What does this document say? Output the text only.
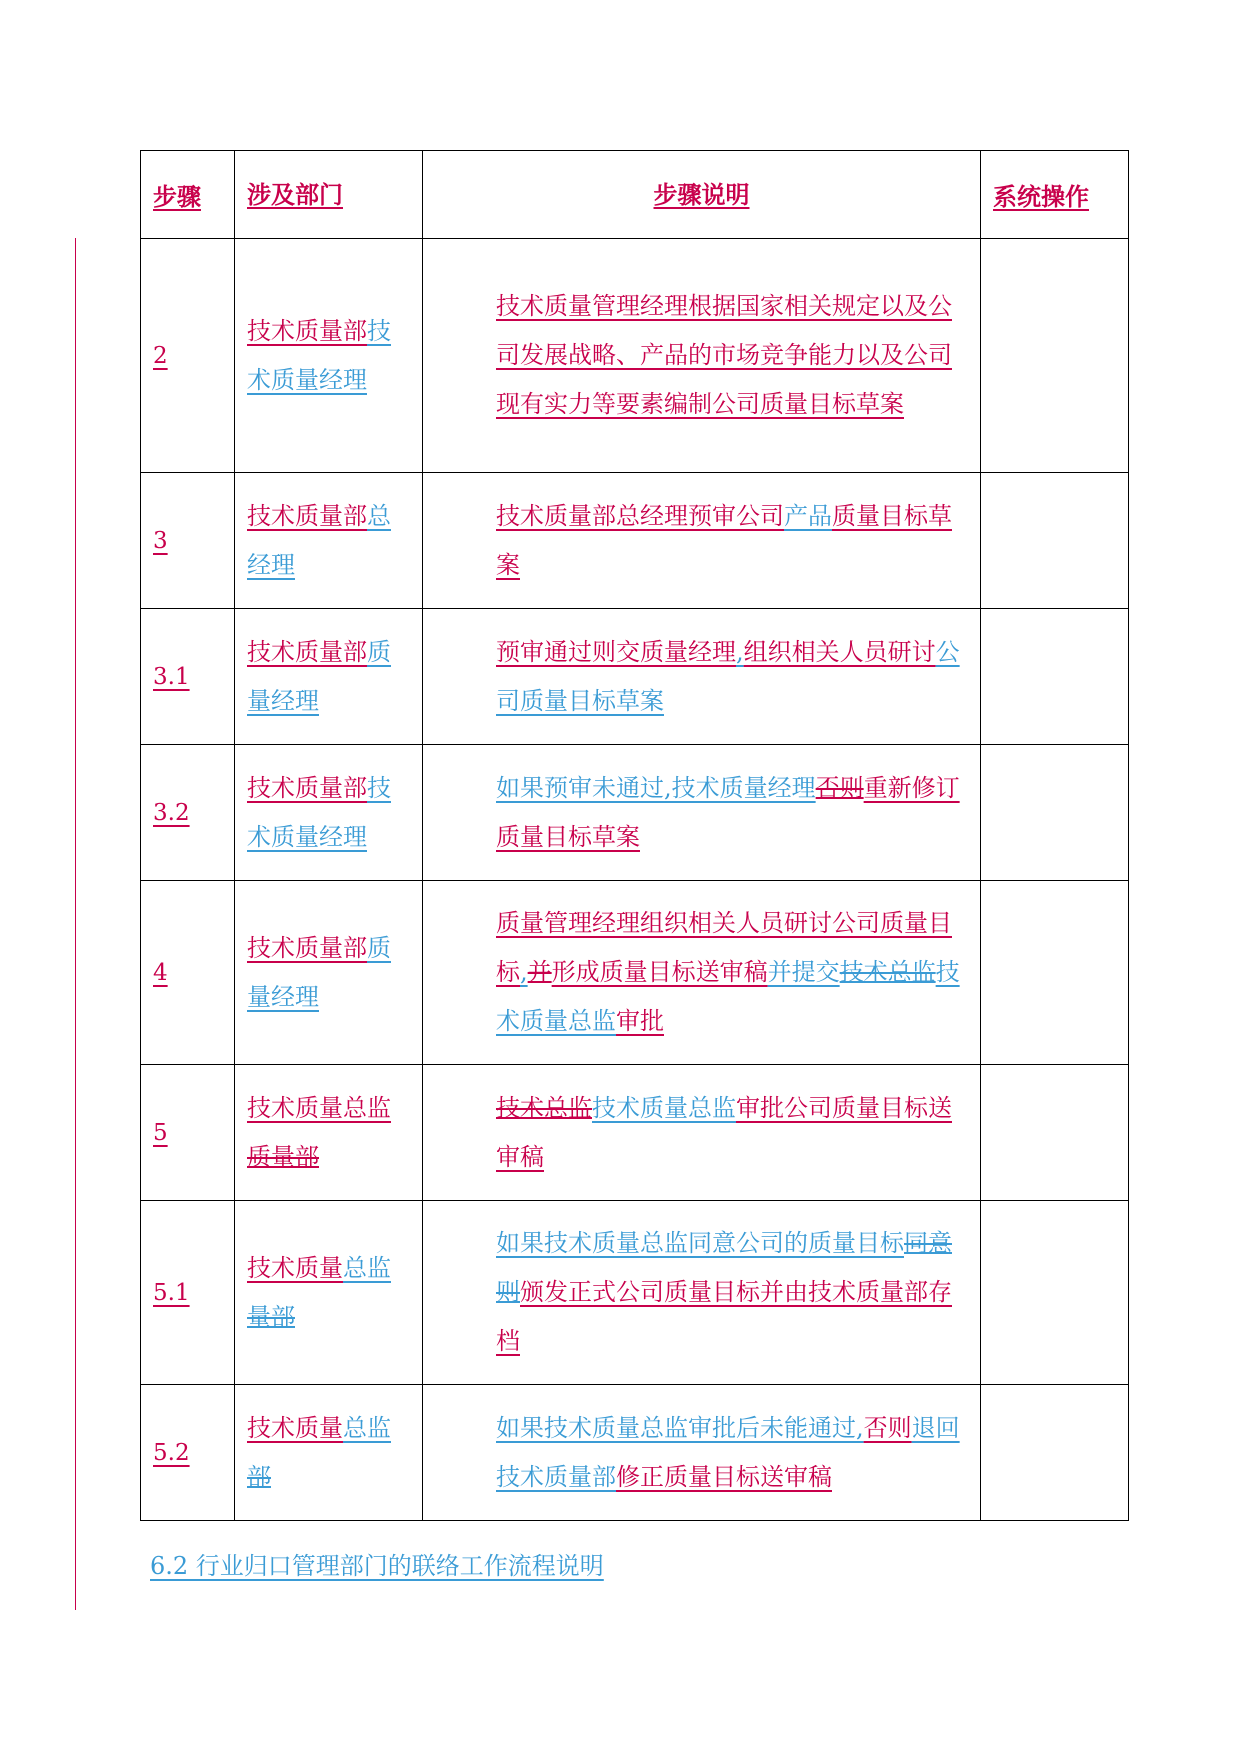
步骤	涉及部门	步骤说明	系统操作
2	技术质量部技术质量经理	技术质量管理经理根据国家相关规定以及公司发展战略、产品的市场竞争能力以及公司现有实力等要素编制公司质量目标草案	
3	技术质量部总经理	技术质量部总经理预审公司产品质量目标草案	
3.1	技术质量部质量经理	预审通过则交质量经理,组织相关人员研讨公司质量目标草案	
3.2	技术质量部技术质量经理	如果预审未通过,技术质量经理否则重新修订质量目标草案	
4	技术质量部质量经理	质量管理经理组织相关人员研讨公司质量目标,并形成质量目标送审稿并提交技术总监技术质量总监审批	
5	技术质量总监质量部	技术总监技术质量总监审批公司质量目标送审稿	
5.1	技术质量总监量部	如果技术质量总监同意公司的质量目标同意则颁发正式公司质量目标并由技术质量部存档	
5.2	技术质量总监部	如果技术质量总监审批后未能通过,否则退回技术质量部修正质量目标送审稿	
6.2 行业归口管理部门的联络工作流程说明
